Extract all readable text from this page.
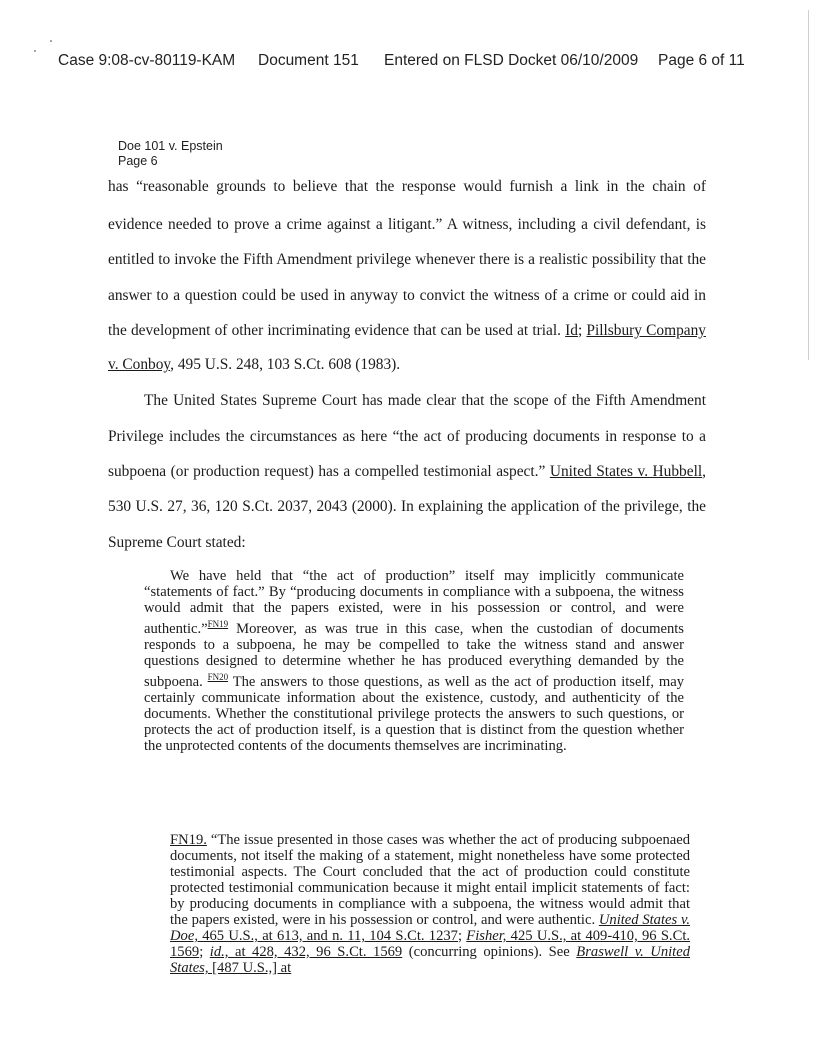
Case 9:08-cv-80119-KAM Document 151 Entered on FLSD Docket 06/10/2009 Page 6 of 11
Doe 101 v. Epstein
Page 6
has “reasonable grounds to believe that the response would furnish a link in the chain of
evidence needed to prove a crime against a litigant.” A witness, including a civil defendant, is
entitled to invoke the Fifth Amendment privilege whenever there is a realistic possibility that the
answer to a question could be used in anyway to convict the witness of a crime or could aid in
the development of other incriminating evidence that can be used at trial. Id; Pillsbury Company
v. Conboy, 495 U.S. 248, 103 S.Ct. 608 (1983).
The United States Supreme Court has made clear that the scope of the Fifth Amendment
Privilege includes the circumstances as here “the act of producing documents in response to a
subpoena (or production request) has a compelled testimonial aspect.” United States v. Hubbell,
530 U.S. 27, 36, 120 S.Ct. 2037, 2043 (2000). In explaining the application of the privilege, the
Supreme Court stated:

We have held that “the act of production” itself may implicitly communicate “statements of fact.” By “producing documents in compliance with a subpoena, the witness would admit that the papers existed, were in his possession or control, and were authentic.”$^{FN19}$ Moreover, as was true in this case, when the custodian of documents responds to a subpoena, he may be compelled to take the witness stand and answer questions designed to determine whether he has produced everything demanded by the subpoena. $^{FN20}$ The answers to those questions, as well as the act of production itself, may certainly communicate information about the existence, custody, and authenticity of the documents. Whether the constitutional privilege protects the answers to such questions, or protects the act of production itself, is a question that is distinct from the question whether the unprotected contents of the documents themselves are incriminating.

FN19. “The issue presented in those cases was whether the act of producing subpoenaed documents, not itself the making of a statement, might nonetheless have some protected testimonial aspects. The Court concluded that the act of production could constitute protected testimonial communication because it might entail implicit statements of fact: by producing documents in compliance with a subpoena, the witness would admit that the papers existed, were in his possession or control, and were authentic. United States v. Doe, 465 U.S., at 613, and n. 11, 104 S.Ct. 1237; Fisher, 425 U.S., at 409-410, 96 S.Ct. 1569; id., at 428, 432, 96 S.Ct. 1569 (concurring opinions). See Braswell v. United States, [487 U.S.,] at
